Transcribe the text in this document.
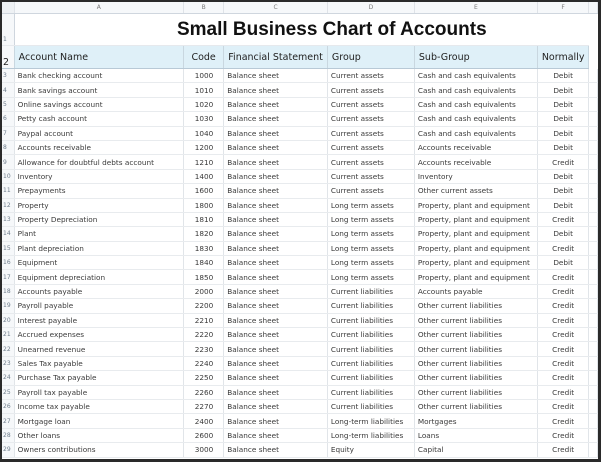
	A	B	C	D	E	F	
1	Small Business Chart of Accounts						
2	Account Name	Code	Financial Statement	Group	Sub-Group	Normally	
3	Bank checking account	1000	Balance sheet	Current assets	Cash and cash equivalents	Debit	
4	Bank savings account	1010	Balance sheet	Current assets	Cash and cash equivalents	Debit	
5	Online savings account	1020	Balance sheet	Current assets	Cash and cash equivalents	Debit	
6	Petty cash account	1030	Balance sheet	Current assets	Cash and cash equivalents	Debit	
7	Paypal account	1040	Balance sheet	Current assets	Cash and cash equivalents	Debit	
8	Accounts receivable	1200	Balance sheet	Current assets	Accounts receivable	Debit	
9	Allowance for doubtful debts account	1210	Balance sheet	Current assets	Accounts receivable	Credit	
10	Inventory	1400	Balance sheet	Current assets	Inventory	Debit	
11	Prepayments	1600	Balance sheet	Current assets	Other current assets	Debit	
12	Property	1800	Balance sheet	Long term assets	Property, plant and equipment	Debit	
13	Property Depreciation	1810	Balance sheet	Long term assets	Property, plant and equipment	Credit	
14	Plant	1820	Balance sheet	Long term assets	Property, plant and equipment	Debit	
15	Plant depreciation	1830	Balance sheet	Long term assets	Property, plant and equipment	Credit	
16	Equipment	1840	Balance sheet	Long term assets	Property, plant and equipment	Debit	
17	Equipment depreciation	1850	Balance sheet	Long term assets	Property, plant and equipment	Credit	
18	Accounts payable	2000	Balance sheet	Current liabilities	Accounts payable	Credit	
19	Payroll payable	2200	Balance sheet	Current liabilities	Other current liabilities	Credit	
20	Interest payable	2210	Balance sheet	Current liabilities	Other current liabilities	Credit	
21	Accrued expenses	2220	Balance sheet	Current liabilities	Other current liabilities	Credit	
22	Unearned revenue	2230	Balance sheet	Current liabilities	Other current liabilities	Credit	
23	Sales Tax payable	2240	Balance sheet	Current liabilities	Other current liabilities	Credit	
24	Purchase Tax payable	2250	Balance sheet	Current liabilities	Other current liabilities	Credit	
25	Payroll tax payable	2260	Balance sheet	Current liabilities	Other current liabilities	Credit	
26	Income tax payable	2270	Balance sheet	Current liabilities	Other current liabilities	Credit	
27	Mortgage loan	2400	Balance sheet	Long-term liabilities	Mortgages	Credit	
28	Other loans	2600	Balance sheet	Long-term liabilities	Loans	Credit	
29	Owners contributions	3000	Balance sheet	Equity	Capital	Credit	
